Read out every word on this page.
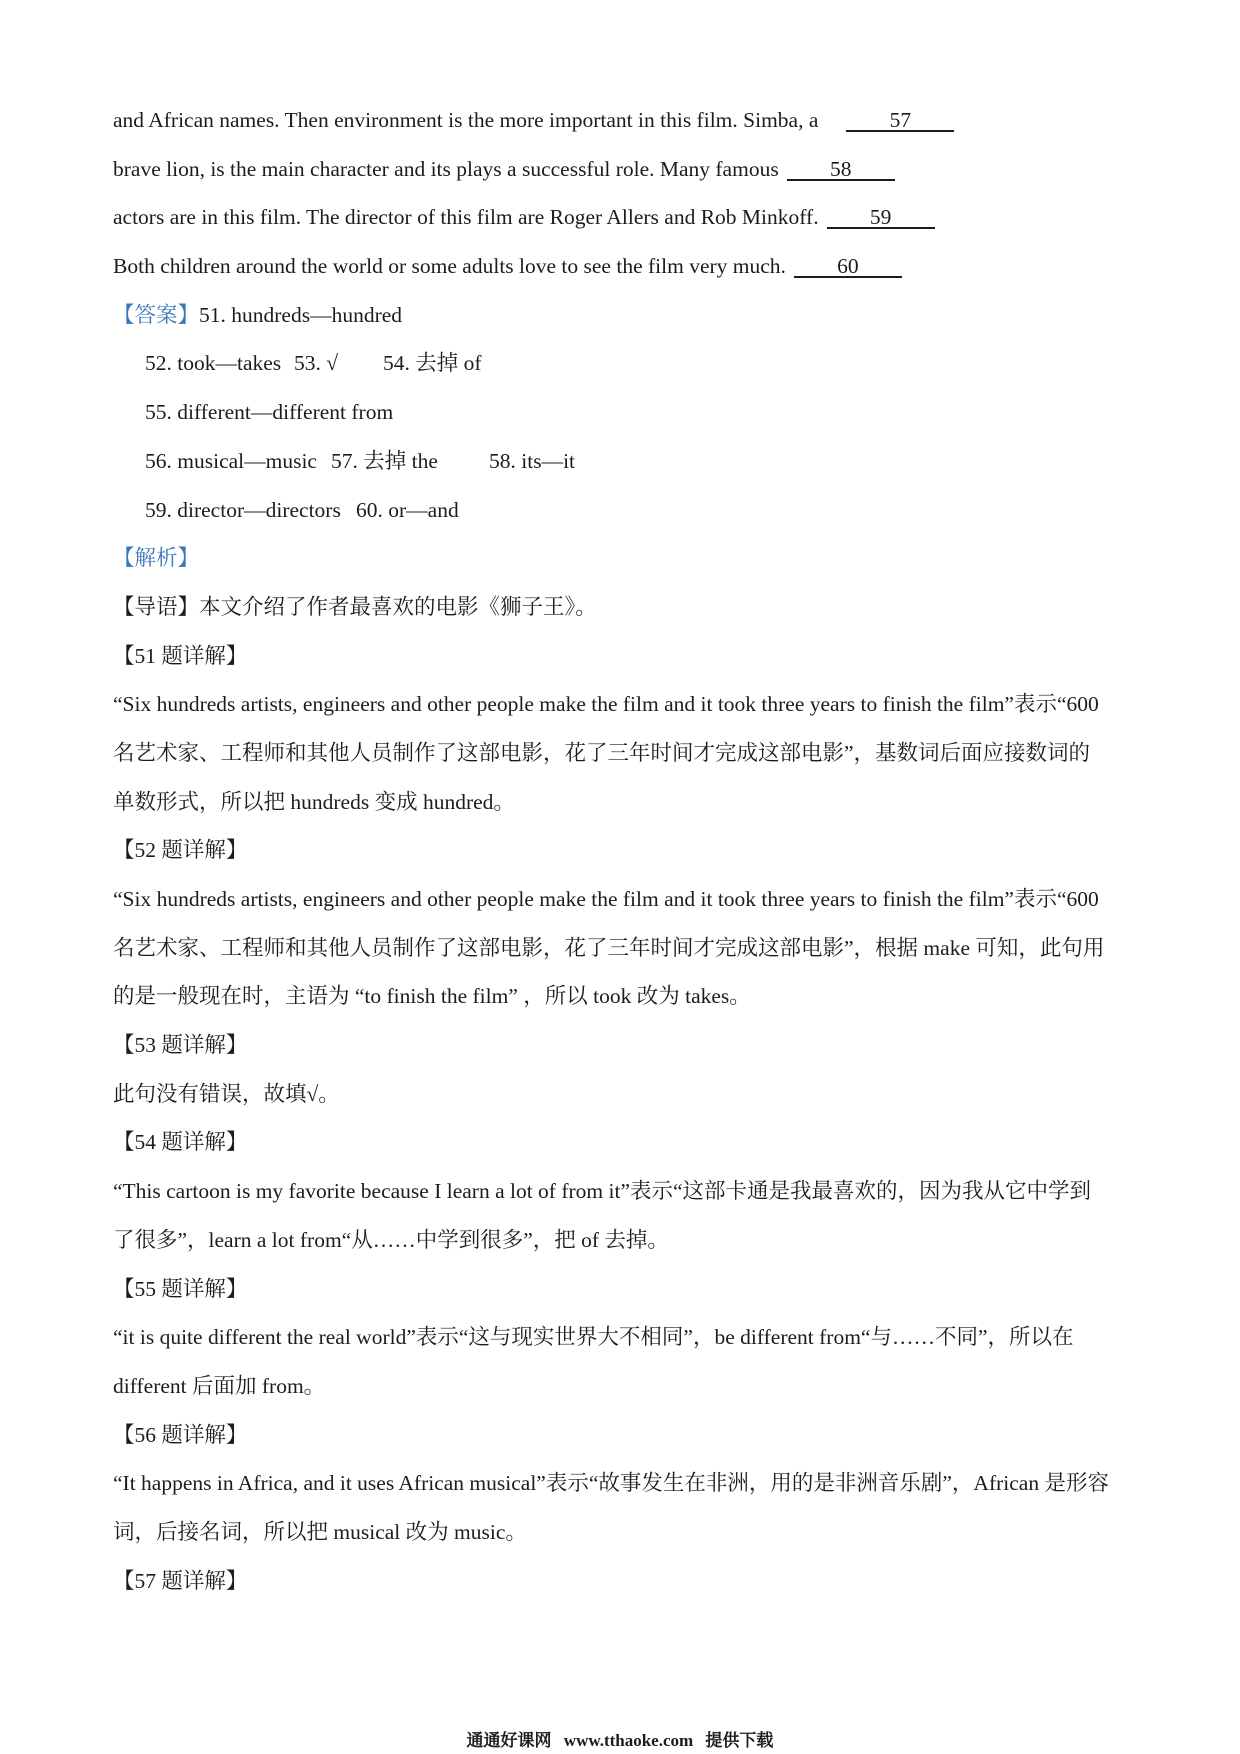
and African names. Then environment is the more important in this film. Simba, a	57
brave lion, is the main character and its plays a successful role. Many famous 58
actors are in this film. The director of this film are Roger Allers and Rob Minkoff. 59
Both children around the world or some adults love to see the film very much. 60
【答案】51. hundreds—hundred
52. took—takes 53. √ 54. 去掉 of
55. different—different from
56. musical—music 57. 去掉 the 58. its—it
59. director—directors 60. or—and
【解析】
【导语】本文介绍了作者最喜欢的电影《狮子王》。
【51 题详解】
“Six hundreds artists, engineers and other people make the film and it took three years to finish the film”表示“600
名艺术家、工程师和其他人员制作了这部电影，花了三年时间才完成这部电影”，基数词后面应接数词的
单数形式，所以把 hundreds 变成 hundred。
【52 题详解】
“Six hundreds artists, engineers and other people make the film and it took three years to finish the film”表示“600
名艺术家、工程师和其他人员制作了这部电影，花了三年时间才完成这部电影”，根据 make 可知，此句用
的是一般现在时，主语为 “to finish the film” ，所以 took 改为 takes。
【53 题详解】
此句没有错误，故填√。
【54 题详解】
“This cartoon is my favorite because I learn a lot of from it”表示“这部卡通是我最喜欢的，因为我从它中学到
了很多”，learn a lot from“从……中学到很多”，把 of 去掉。
【55 题详解】
“it is quite different the real world”表示“这与现实世界大不相同”，be different from“与……不同”，所以在
different 后面加 from。
【56 题详解】
“It happens in Africa, and it uses African musical”表示“故事发生在非洲，用的是非洲音乐剧”，African 是形容
词，后接名词，所以把 musical 改为 music。
【57 题详解】
通通好课网 www.tthaoke.com 提供下载
